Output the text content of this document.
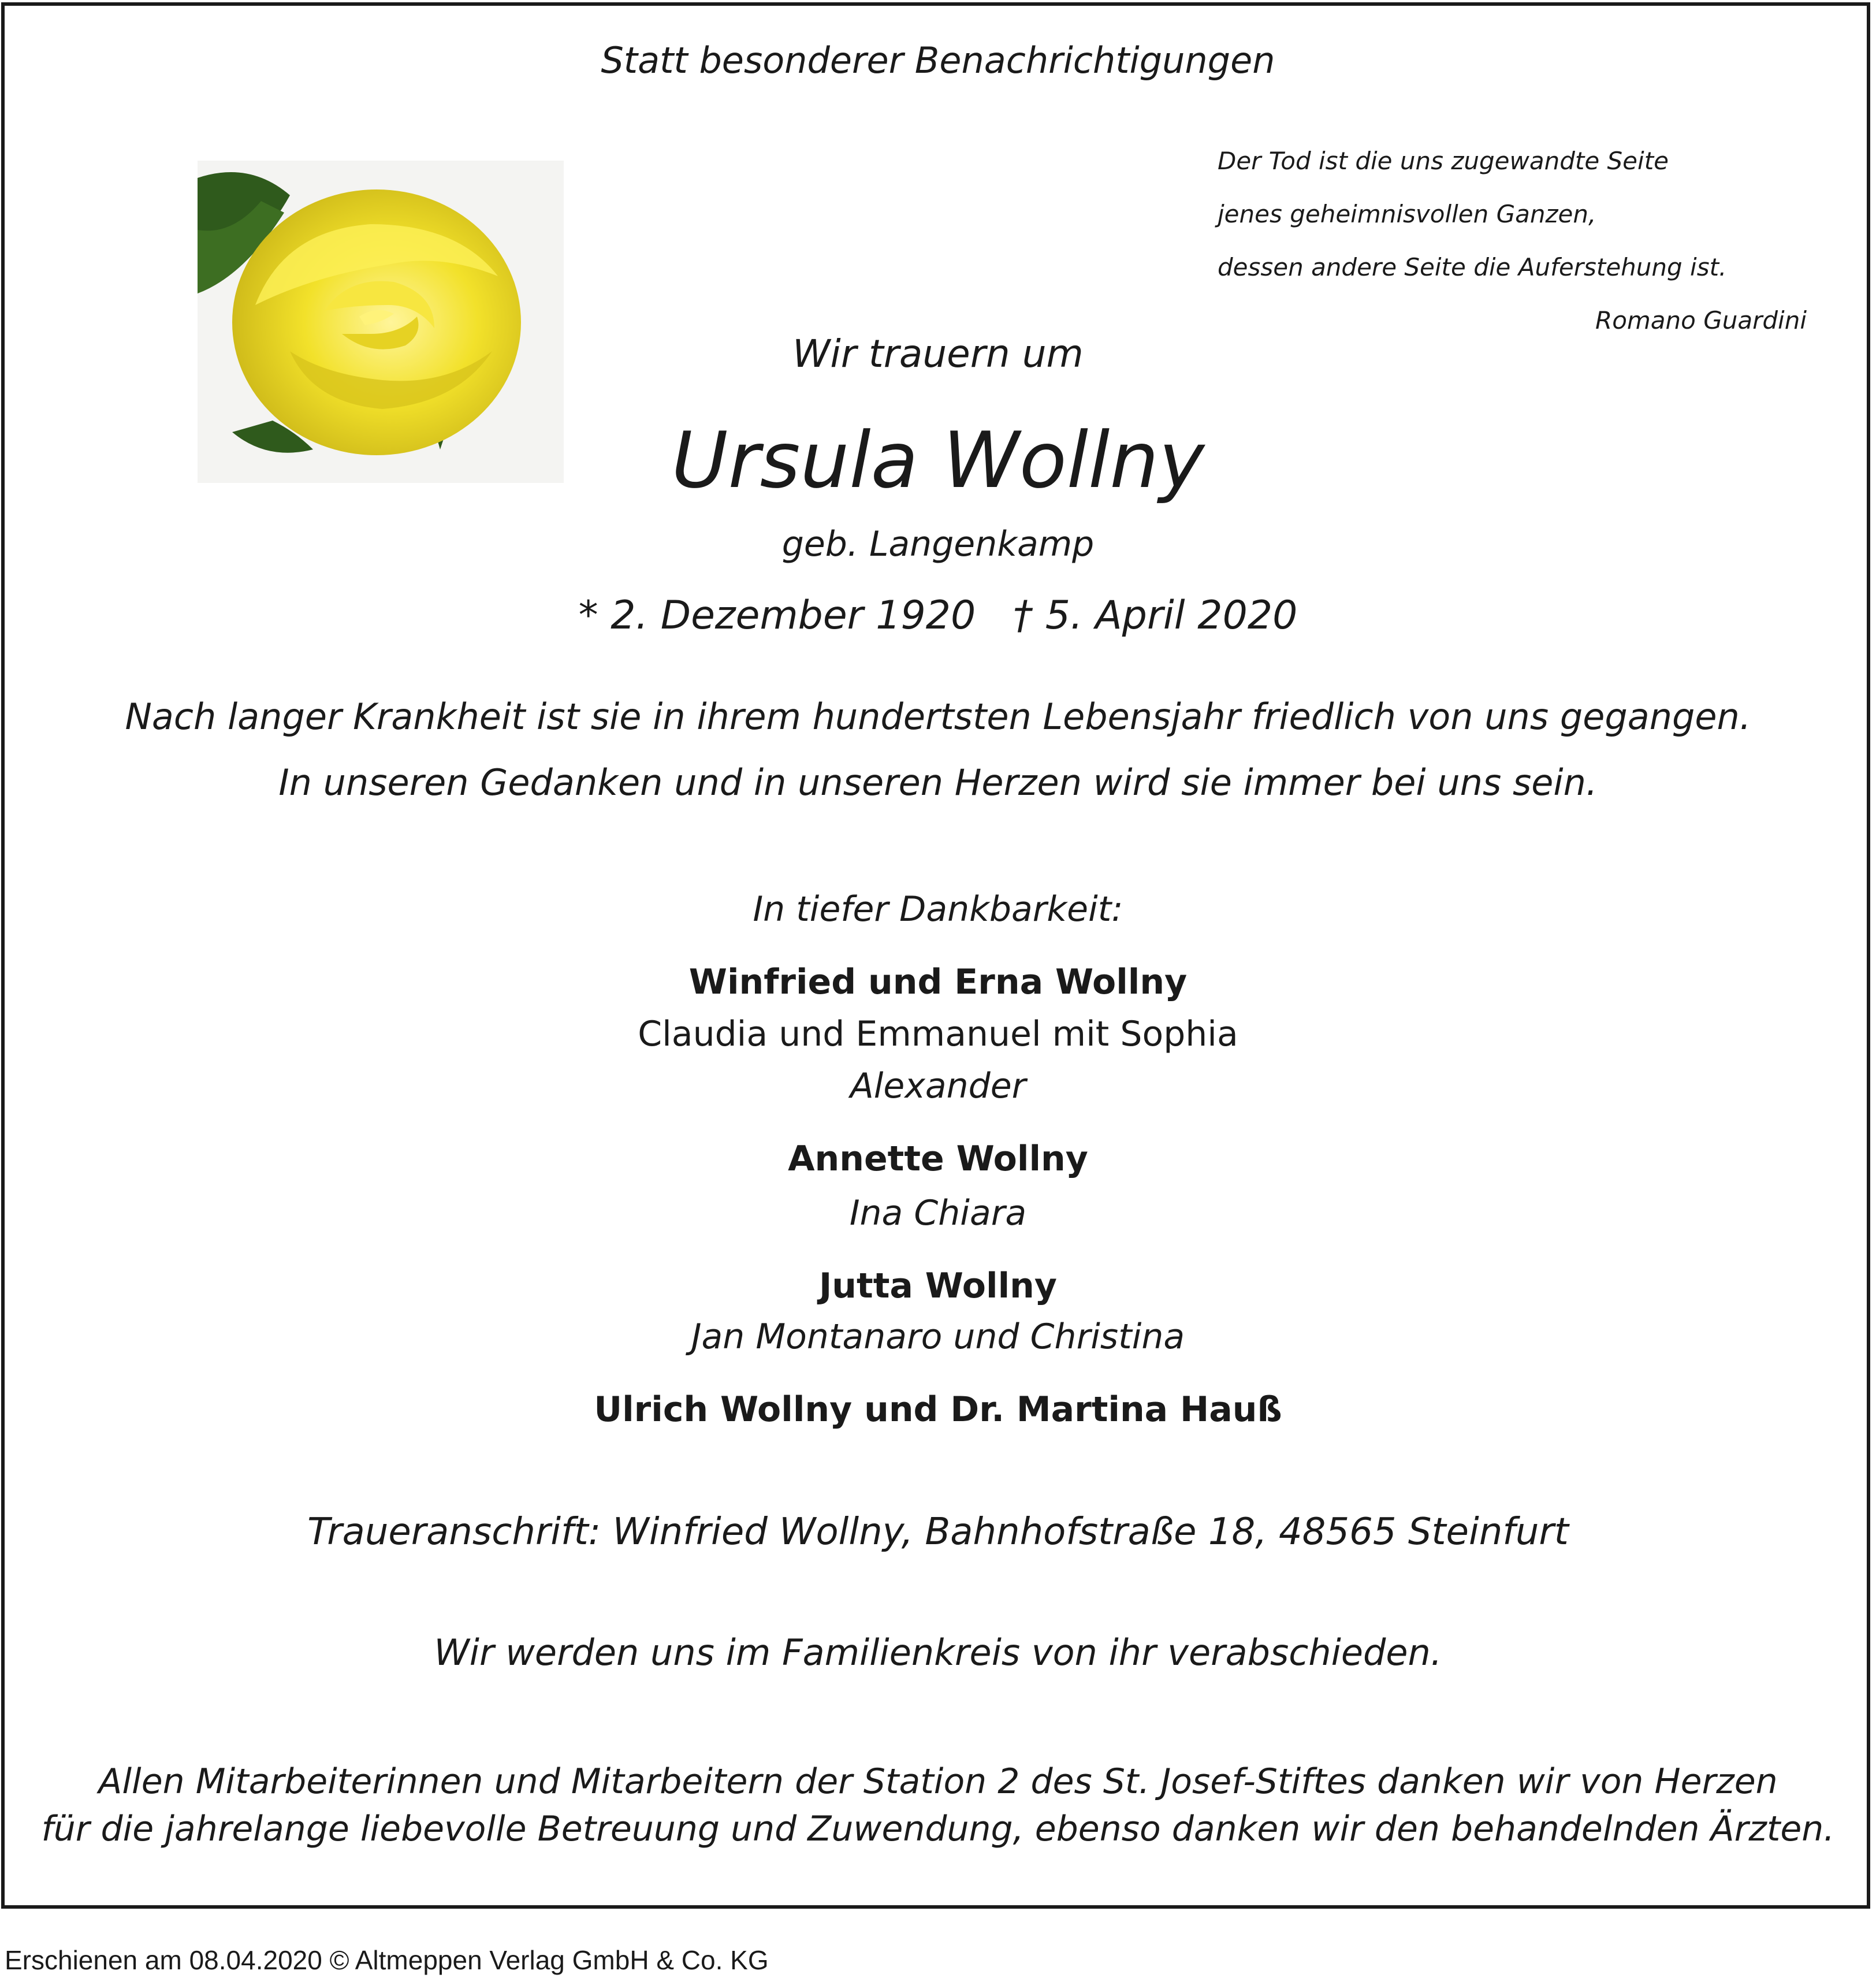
Statt besonderer Benachrichtigungen
Der Tod ist die uns zugewandte Seite
jenes geheimnisvollen Ganzen,
dessen andere Seite die Auferstehung ist.
Romano Guardini
Wir trauern um
Ursula Wollny
geb. Langenkamp
* 2. Dezember 1920   † 5. April 2020
Nach langer Krankheit ist sie in ihrem hundertsten Lebensjahr friedlich von uns gegangen.
In unseren Gedanken und in unseren Herzen wird sie immer bei uns sein.
In tiefer Dankbarkeit:
Winfried und Erna Wollny
Claudia und Emmanuel mit Sophia
Alexander
Annette Wollny
Ina Chiara
Jutta Wollny
Jan Montanaro und Christina
Ulrich Wollny und Dr. Martina Hauß
Traueranschrift: Winfried Wollny, Bahnhofstraße 18, 48565 Steinfurt
Wir werden uns im Familienkreis von ihr verabschieden.
Allen Mitarbeiterinnen und Mitarbeitern der Station 2 des St. Josef-Stiftes danken wir von Herzen
für die jahrelange liebevolle Betreuung und Zuwendung, ebenso danken wir den behandelnden Ärzten.
Erschienen am 08.04.2020 © Altmeppen Verlag GmbH & Co. KG
